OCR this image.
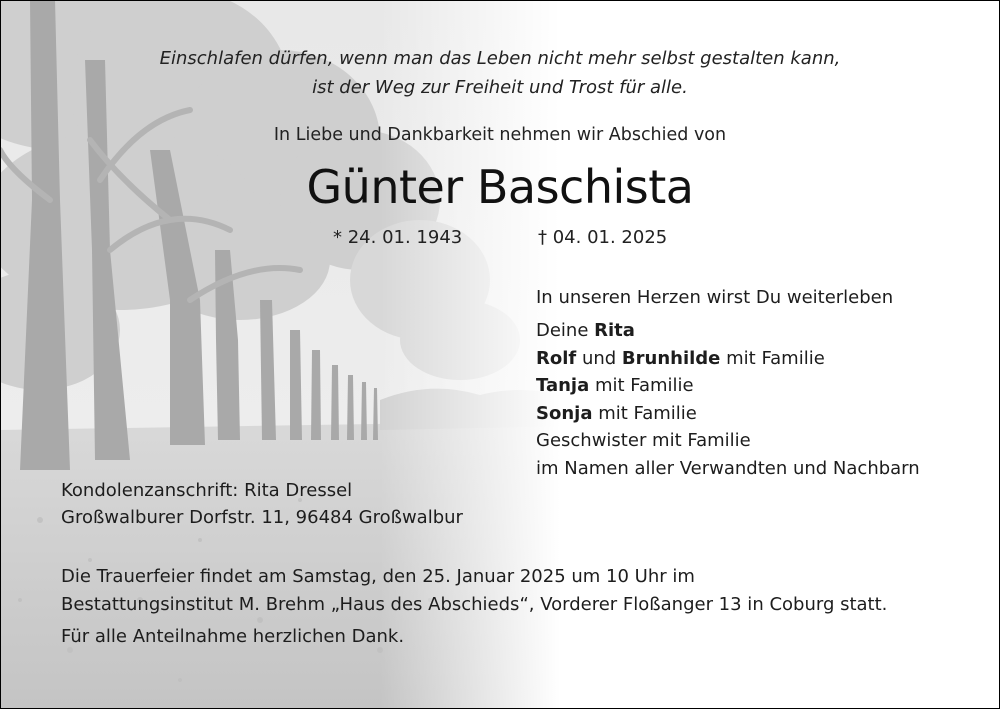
Einschlafen dürfen, wenn man das Leben nicht mehr selbst gestalten kann,
ist der Weg zur Freiheit und Trost für alle.
In Liebe und Dankbarkeit nehmen wir Abschied von
Günter Baschista
* 24. 01. 1943	† 04. 01. 2025
In unseren Herzen wirst Du weiterleben
Deine Rita
Rolf und Brunhilde mit Familie
Tanja mit Familie
Sonja mit Familie
Geschwister mit Familie
im Namen aller Verwandten und Nachbarn
Kondolenzanschrift: Rita Dressel
Großwalburer Dorfstr. 11, 96484 Großwalbur
Die Trauerfeier findet am Samstag, den 25. Januar 2025 um 10 Uhr im
Bestattungsinstitut M. Brehm „Haus des Abschieds“, Vorderer Floßanger 13 in Coburg statt.
Für alle Anteilnahme herzlichen Dank.
